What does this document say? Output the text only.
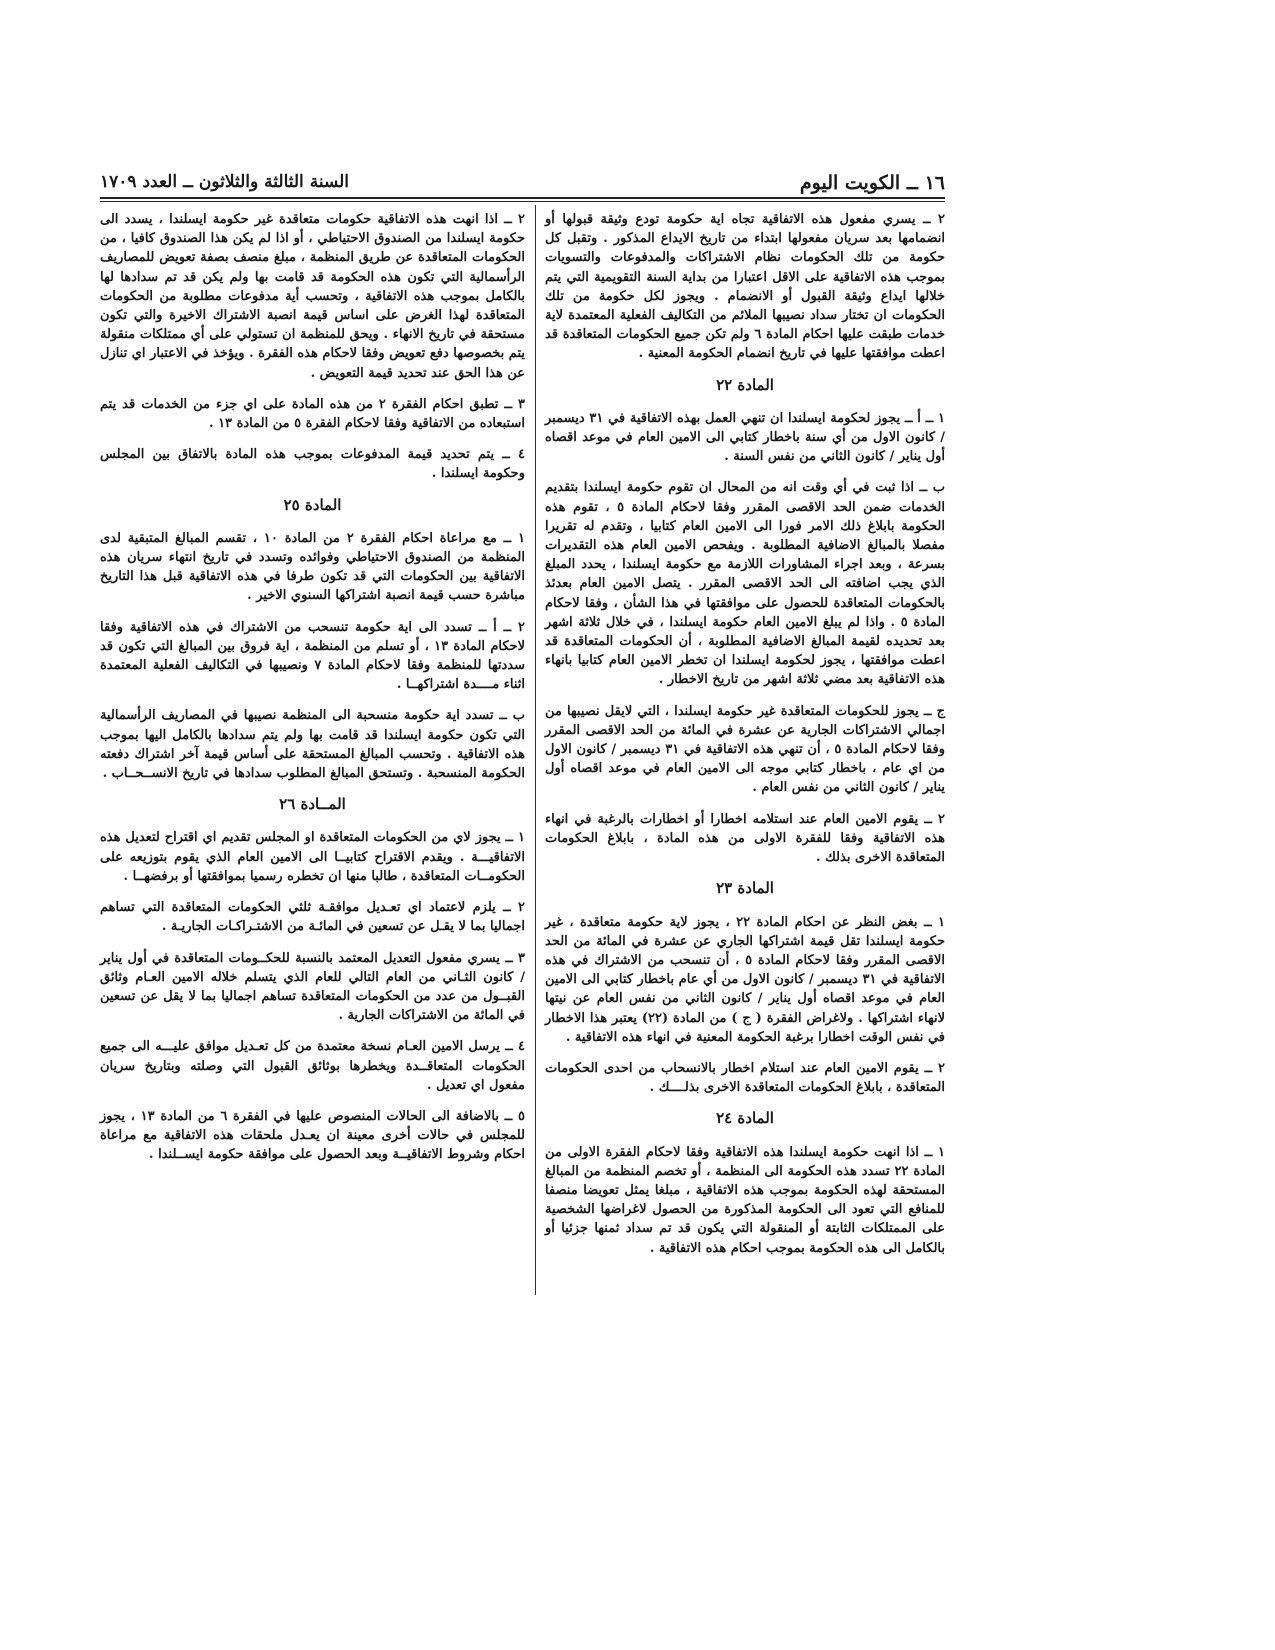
١٦ ــ الكويت اليوم
السنة الثالثة والثلاثون ــ العدد ١٧٠٩

٢ ــ يسري مفعول هذه الاتفاقية تجاه اية حكومة تودع وثيقة قبولها أو انضمامها بعد سريان مفعولها ابتداء من تاريخ الايداع المذكور . وتقبل كل حكومة من تلك الحكومات نظام الاشتراكات والمدفوعات والتسويات بموجب هذه الاتفاقية على الاقل اعتبارا من بداية السنة التقويمية التي يتم خلالها ايداع وثيقة القبول أو الانضمام . ويجوز لكل حكومة من تلك الحكومات ان تختار سداد نصيبها الملائم من التكاليف الفعلية المعتمدة لاية خدمات طبقت عليها احكام المادة ٦ ولم تكن جميع الحكومات المتعاقدة قد اعطت موافقتها عليها في تاريخ انضمام الحكومة المعنية .

المادة ٢٢

١ ــ أ ــ يجوز لحكومة ايسلندا ان تنهي العمل بهذه الاتفاقية في ٣١ ديسمبر / كانون الاول من أي سنة باخطار كتابي الى الامين العام في موعد اقصاه أول يناير / كانون الثاني من نفس السنة .

ب ــ اذا ثبت في أي وقت انه من المحال ان تقوم حكومة ايسلندا بتقديم الخدمات ضمن الحد الاقصى المقرر وفقا لاحكام المادة ٥ ، تقوم هذه الحكومة بابلاغ ذلك الامر فورا الى الامين العام كتابيا ، وتقدم له تقريرا مفصلا بالمبالغ الاضافية المطلوبة . ويفحص الامين العام هذه التقديرات بسرعة ، وبعد اجراء المشاورات اللازمة مع حكومة ايسلندا ، يحدد المبلغ الذي يجب اضافته الى الحد الاقصى المقرر . يتصل الامين العام بعدئذ بالحكومات المتعاقدة للحصول على موافقتها في هذا الشأن ، وفقا لاحكام المادة ٥ . واذا لم يبلغ الامين العام حكومة ايسلندا ، في خلال ثلاثة اشهر بعد تحديده لقيمة المبالغ الاضافية المطلوبة ، أن الحكومات المتعاقدة قد اعطت موافقتها ، يجوز لحكومة ايسلندا ان تخطر الامين العام كتابيا بانهاء هذه الاتفاقية بعد مضي ثلاثة اشهر من تاريخ الاخطار .

ج ــ يجوز للحكومات المتعاقدة غير حكومة ايسلندا ، التي لايقل نصيبها من اجمالي الاشتراكات الجارية عن عشرة في المائة من الحد الاقصى المقرر وفقا لاحكام المادة ٥ ، أن تنهي هذه الاتفاقية في ٣١ ديسمبر / كانون الاول من اي عام ، باخطار كتابي موجه الى الامين العام في موعد اقصاه أول يناير / كانون الثاني من نفس العام .

٢ ــ يقوم الامين العام عند استلامه اخطارا أو اخطارات بالرغبة في انهاء هذه الاتفاقية وفقا للفقرة الاولى من هذه المادة ، بابلاغ الحكومات المتعاقدة الاخرى بذلك .

المادة ٢٣

١ ــ بغض النظر عن احكام المادة ٢٢ ، يجوز لاية حكومة متعاقدة ، غير حكومة ايسلندا تقل قيمة اشتراكها الجاري عن عشرة في المائة من الحد الاقصى المقرر وفقا لاحكام المادة ٥ ، أن تنسحب من الاشتراك في هذه الاتفاقية في ٣١ ديسمبر / كانون الاول من أي عام باخطار كتابي الى الامين العام في موعد اقصاه أول يناير / كانون الثاني من نفس العام عن نيتها لانهاء اشتراكها . ولاغراض الفقرة ( ج ) من المادة (٢٢) يعتبر هذا الاخطار في نفس الوقت اخطارا برغبة الحكومة المعنية في انهاء هذه الاتفاقية .

٢ ــ يقوم الامين العام عند استلام اخطار بالانسحاب من احدى الحكومات المتعاقدة ، بابلاغ الحكومات المتعاقدة الاخرى بذلــــك .

المادة ٢٤

١ ــ اذا انهت حكومة ايسلندا هذه الاتفاقية وفقا لاحكام الفقرة الاولى من المادة ٢٢ تسدد هذه الحكومة الى المنظمة ، أو تخصم المنظمة من المبالغ المستحقة لهذه الحكومة بموجب هذه الاتفاقية ، مبلغا يمثل تعويضا منصفا للمنافع التي تعود الى الحكومة المذكورة من الحصول لاغراضها الشخصية على الممتلكات الثابتة أو المنقولة التي يكون قد تم سداد ثمنها جزئيا أو بالكامل الى هذه الحكومة بموجب احكام هذه الاتفاقية .

٢ ــ اذا انهت هذه الاتفاقية حكومات متعاقدة غير حكومة ايسلندا ، يسدد الى حكومة ايسلندا من الصندوق الاحتياطي ، أو اذا لم يكن هذا الصندوق كافيا ، من الحكومات المتعاقدة عن طريق المنظمة ، مبلغ منصف بصفة تعويض للمصاريف الرأسمالية التي تكون هذه الحكومة قد قامت بها ولم يكن قد تم سدادها لها بالكامل بموجب هذه الاتفاقية ، وتحسب أية مدفوعات مطلوبة من الحكومات المتعاقدة لهذا الغرض على اساس قيمة انصبة الاشتراك الاخيرة والتي تكون مستحقة في تاريخ الانهاء . ويحق للمنظمة ان تستولي على أي ممتلكات منقولة يتم بخصوصها دفع تعويض وفقا لاحكام هذه الفقرة . ويؤخذ في الاعتبار اي تنازل عن هذا الحق عند تحديد قيمة التعويض .

٣ ــ تطبق احكام الفقرة ٢ من هذه المادة على اي جزء من الخدمات قد يتم استبعاده من الاتفاقية وفقا لاحكام الفقرة ٥ من المادة ١٣ .

٤ ــ يتم تحديد قيمة المدفوعات بموجب هذه المادة بالاتفاق بين المجلس وحكومة ايسلندا .

المادة ٢٥

١ ــ مع مراعاة احكام الفقرة ٢ من المادة ١٠ ، تقسم المبالغ المتبقية لدى المنظمة من الصندوق الاحتياطي وفوائده وتسدد في تاريخ انتهاء سريان هذه الاتفاقية بين الحكومات التي قد تكون طرفا في هذه الاتفاقية قبل هذا التاريخ مباشرة حسب قيمة انصبة اشتراكها السنوي الاخير .

٢ ــ أ ــ تسدد الى اية حكومة تنسحب من الاشتراك في هذه الاتفاقية وفقا لاحكام المادة ١٣ ، أو تسلم من المنظمة ، اية فروق بين المبالغ التي تكون قد سددتها للمنظمة وفقا لاحكام المادة ٧ ونصيبها في التكاليف الفعلية المعتمدة اثناء مــــدة اشتراكهــا .

ب ــ تسدد اية حكومة منسحبة الى المنظمة نصيبها في المصاريف الرأسمالية التي تكون حكومة ايسلندا قد قامت بها ولم يتم سدادها بالكامل اليها بموجب هذه الاتفاقية . وتحسب المبالغ المستحقة على أساس قيمة آخر اشتراك دفعته الحكومة المنسحبة . وتستحق المبالغ المطلوب سدادها في تاريخ الانســحــاب .

المــادة ٢٦

١ ــ يجوز لاي من الحكومات المتعاقدة او المجلس تقديم اي اقتراح لتعديل هذه الاتفاقيـــة . ويقدم الاقتراح كتابيــا الى الامين العام الذي يقوم بتوزيعه على الحكومــات المتعاقدة ، طالبا منها ان تخطره رسميا بموافقتها أو برفضهــا .

٢ ــ يلزم لاعتماد اي تعـديل موافقـة ثلثي الحكومات المتعاقدة التي تساهم اجماليا بما لا يقـل عن تسعين في المائـة من الاشتـراكـات الجاريـة .

٣ ــ يسري مفعول التعديل المعتمد بالنسبة للحكــومات المتعاقدة في أول يناير / كانون الثـاني من العام التالي للعام الذي يتسلم خلاله الامين العـام وثائق القبــول من عدد من الحكومات المتعاقدة تساهم اجماليا بما لا يقل عن تسعين في المائة من الاشتراكات الجارية .

٤ ــ يرسل الامين العـام نسخة معتمدة من كل تعـديل موافق عليـــه الى جميع الحكومات المتعاقــدة ويخطرها بوثائق القبول التي وصلته وبتاريخ سريان مفعول اي تعديل .

٥ ــ بالاضافة الى الحالات المنصوص عليها في الفقرة ٦ من المادة ١٣ ، يجوز للمجلس في حالات أخرى معينة ان يعـدل ملحقات هذه الاتفاقية مع مراعاة احكام وشروط الاتفاقيــة وبعد الحصول على موافقة حكومة ايســلندا .
